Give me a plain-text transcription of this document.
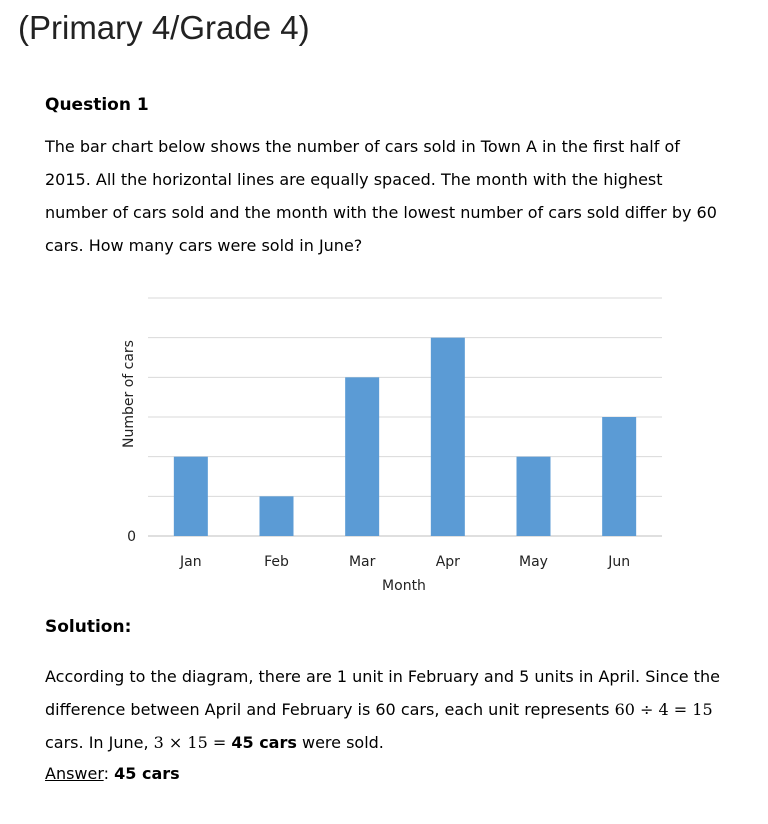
(Primary 4/Grade 4)
Question 1
The bar chart below shows the number of cars sold in Town A in the first half of
2015. All the horizontal lines are equally spaced. The month with the highest
number of cars sold and the month with the lowest number of cars sold differ by 60
cars. How many cars were sold in June?
Jan	Feb	Mar	Apr	May	Jun
0
Month
Number of cars
Solution:
According to the diagram, there are 1 unit in February and 5 units in April. Since the
difference between April and February is 60 cars, each unit represents 60 ÷ 4 = 15
cars. In June, 3 × 15 = 45 cars were sold.
Answer: 45 cars
